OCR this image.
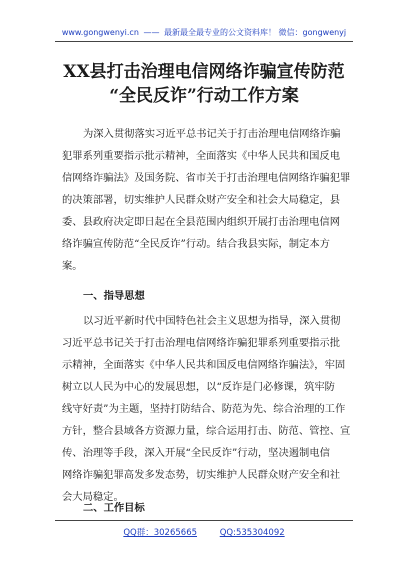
www.gongwenyi.cn —— 最新最全最专业的公文资料库！ 微信：gongwenyj
XX县打击治理电信网络诈骗宣传防范
“全民反诈”行动工作方案
为深入贯彻落实习近平总书记关于打击治理电信网络诈骗
犯罪系列重要指示批示精神，全面落实《中华人民共和国反电
信网络诈骗法》及国务院、省市关于打击治理电信网络诈骗犯罪
的决策部署，切实维护人民群众财产安全和社会大局稳定，县
委、县政府决定即日起在全县范围内组织开展打击治理电信网
络诈骗宣传防范“全民反诈”行动。结合我县实际，制定本方
案。
一、指导思想
以习近平新时代中国特色社会主义思想为指导，深入贯彻
习近平总书记关于打击治理电信网络诈骗犯罪系列重要指示批
示精神，全面落实《中华人民共和国反电信网络诈骗法》，牢固
树立以人民为中心的发展思想，以“反诈是门必修课，筑牢防
线守好责”为主题，坚持打防结合、防范为先、综合治理的工作
方针，整合县域各方资源力量，综合运用打击、防范、管控、宣
传、治理等手段，深入开展“全民反诈”行动，坚决遏制电信
网络诈骗犯罪高发多发态势，切实维护人民群众财产安全和社
会大局稳定。
二、工作目标
QQ群：30265665	QQ:535304092
